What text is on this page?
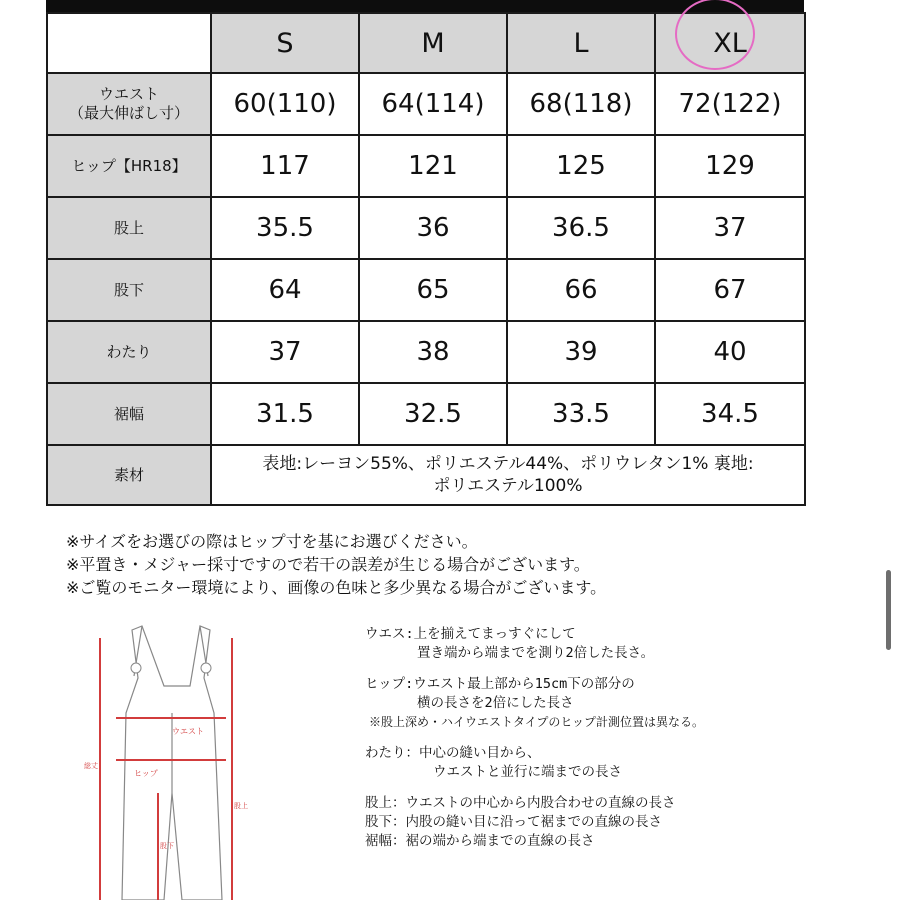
	S	M	L	XL

ウエスト
（最大伸ばし寸）	60(110)	64(114)	68(118)	72(122)
ヒップ【HR18】	117	121	125	129
股上	35.5	36	36.5	37
股下	64	65	66	67
わたり	37	38	39	40
裾幅	31.5	32.5	33.5	34.5
素材	表地:レーヨン55%、ポリエステル44%、ポリウレタン1% 裏地:
ポリエステル100%			
※サイズをお選びの際はヒップ寸を基にお選びください。
※平置き・メジャー採寸ですので若干の誤差が生じる場合がございます。
※ご覧のモニター環境により、画像の色味と多少異なる場合がございます。
ウエスト
ヒップ
総丈
股下
股上
ウエス:上を揃えてまっすぐにして
置き端から端までを測り2倍した長さ。
ヒップ:ウエスト最上部から15cm下の部分の
横の長さを2倍にした長さ
※股上深め・ハイウエストタイプのヒップ計測位置は異なる。
わたり：中心の縫い目から、
ウエストと並行に端までの長さ
股上：ウエストの中心から内股合わせの直線の長さ
股下：内股の縫い目に沿って裾までの直線の長さ
裾幅：裾の端から端までの直線の長さ
